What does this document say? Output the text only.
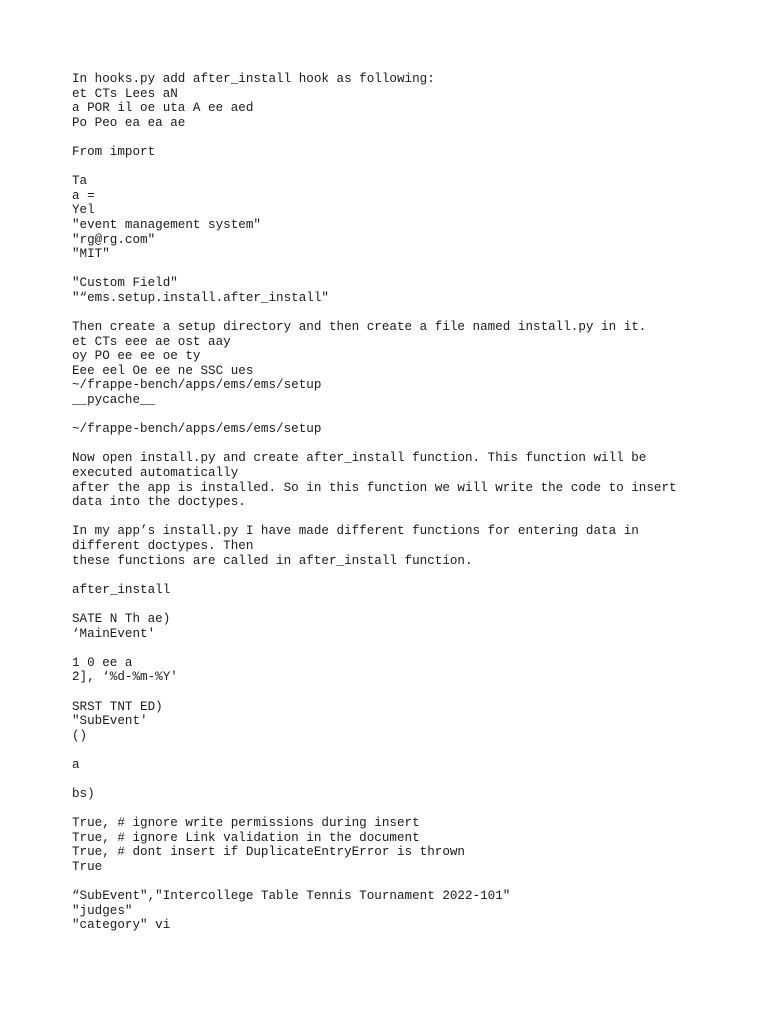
In hooks.py add after_install hook as following:
et CTs Lees aN
a POR il oe uta A ee aed
Po Peo ea ea ae
From import
Ta
a =
Yel
"event management system"
"rg@rg.com"
"MIT"
"Custom Field"
"“ems.setup.install.after_install"
Then create a setup directory and then create a file named install.py in it.
et CTs eee ae ost aay
oy PO ee ee oe ty
Eee eel Oe ee ne SSC ues
~/frappe-bench/apps/ems/ems/setup
__pycache__
~/frappe-bench/apps/ems/ems/setup
Now open install.py and create after_install function. This function will be executed automatically
after the app is installed. So in this function we will write the code to insert data into the doctypes.
In my app’s install.py I have made different functions for entering data in different doctypes. Then
these functions are called in after_install function.
after_install
SATE N Th ae)
‘MainEvent'
1 0 ee a
2], ‘%d-%m-%Y'
SRST TNT ED)
"SubEvent'
()
a
bs)
True, # ignore write permissions during insert
True, # ignore Link validation in the document
True, # dont insert if DuplicateEntryError is thrown
True
“SubEvent","Intercollege Table Tennis Tournament 2022-101"
"judges"
"category" vi
